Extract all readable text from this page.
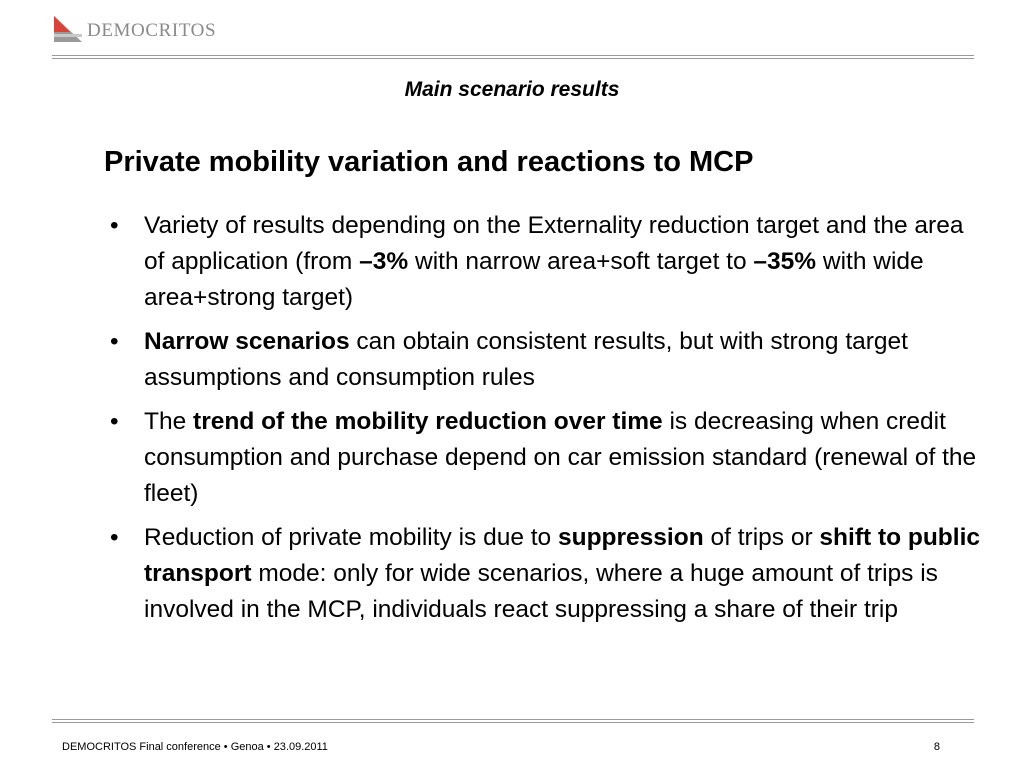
DEMOCRITOS
Main scenario results
Private mobility variation and reactions to MCP
• Variety of results depending on the Externality reduction target and the area of application (from –3% with narrow area+soft target to –35% with wide area+strong target)
• Narrow scenarios can obtain consistent results, but with strong target assumptions and consumption rules
• The trend of the mobility reduction over time is decreasing when credit consumption and purchase depend on car emission standard (renewal of the fleet)
• Reduction of private mobility is due to suppression of trips or shift to public transport mode: only for wide scenarios, where a huge amount of trips is involved in the MCP, individuals react suppressing a share of their trip
DEMOCRITOS Final conference • Genoa • 23.09.2011	8
